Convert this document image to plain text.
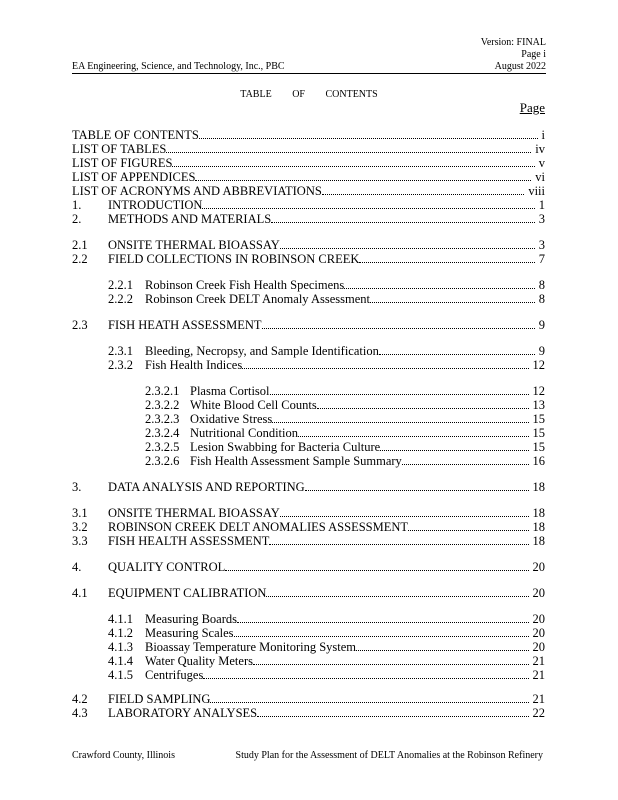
Version: FINAL
Page i
August 2022
EA Engineering, Science, and Technology, Inc., PBC
TABLE OF CONTENTS
Page
TABLE OF CONTENTS	i
LIST OF TABLES	iv
LIST OF FIGURES	v
LIST OF APPENDICES	vi
LIST OF ACRONYMS AND ABBREVIATIONS	viii
1. INTRODUCTION	1
2. METHODS AND MATERIALS	3
2.1 ONSITE THERMAL BIOASSAY	3
2.2 FIELD COLLECTIONS IN ROBINSON CREEK	7
2.2.1 Robinson Creek Fish Health Specimens	8
2.2.2 Robinson Creek DELT Anomaly Assessment	8
2.3 FISH HEATH ASSESSMENT	9
2.3.1 Bleeding, Necropsy, and Sample Identification	9
2.3.2 Fish Health Indices	12
2.3.2.1 Plasma Cortisol	12
2.3.2.2 White Blood Cell Counts	13
2.3.2.3 Oxidative Stress	15
2.3.2.4 Nutritional Condition	15
2.3.2.5 Lesion Swabbing for Bacteria Culture	15
2.3.2.6 Fish Health Assessment Sample Summary	16
3. DATA ANALYSIS AND REPORTING	18
3.1 ONSITE THERMAL BIOASSAY	18
3.2 ROBINSON CREEK DELT ANOMALIES ASSESSMENT	18
3.3 FISH HEALTH ASSESSMENT	18
4. QUALITY CONTROL	20
4.1 EQUIPMENT CALIBRATION	20
4.1.1 Measuring Boards	20
4.1.2 Measuring Scales	20
4.1.3 Bioassay Temperature Monitoring System	20
4.1.4 Water Quality Meters	21
4.1.5 Centrifuges	21
4.2 FIELD SAMPLING	21
4.3 LABORATORY ANALYSES	22
Crawford County, Illinois	Study Plan for the Assessment of DELT Anomalies at the Robinson Refinery
